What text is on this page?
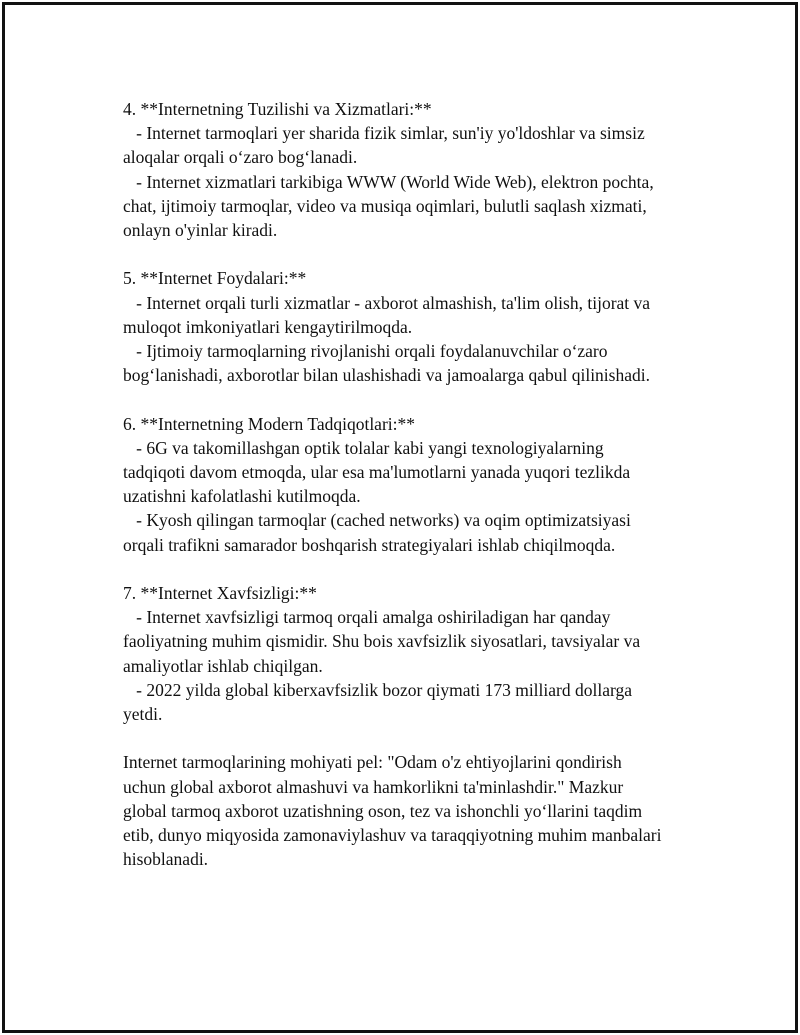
4. **Internetning Tuzilishi va Xizmatlari:**
- Internet tarmoqlari yer sharida fizik simlar, sun'iy yo'ldoshlar va simsiz
aloqalar orqali o‘zaro bog‘lanadi.
- Internet xizmatlari tarkibiga WWW (World Wide Web), elektron pochta,
chat, ijtimoiy tarmoqlar, video va musiqa oqimlari, bulutli saqlash xizmati,
onlayn o'yinlar kiradi.
5. **Internet Foydalari:**
- Internet orqali turli xizmatlar - axborot almashish, ta'lim olish, tijorat va
muloqot imkoniyatlari kengaytirilmoqda.
- Ijtimoiy tarmoqlarning rivojlanishi orqali foydalanuvchilar o‘zaro
bog‘lanishadi, axborotlar bilan ulashishadi va jamoalarga qabul qilinishadi.
6. **Internetning Modern Tadqiqotlari:**
- 6G va takomillashgan optik tolalar kabi yangi texnologiyalarning
tadqiqoti davom etmoqda, ular esa ma'lumotlarni yanada yuqori tezlikda
uzatishni kafolatlashi kutilmoqda.
- Kyosh qilingan tarmoqlar (cached networks) va oqim optimizatsiyasi
orqali trafikni samarador boshqarish strategiyalari ishlab chiqilmoqda.
7. **Internet Xavfsizligi:**
- Internet xavfsizligi tarmoq orqali amalga oshiriladigan har qanday
faoliyatning muhim qismidir. Shu bois xavfsizlik siyosatlari, tavsiyalar va
amaliyotlar ishlab chiqilgan.
- 2022 yilda global kiberxavfsizlik bozor qiymati 173 milliard dollarga
yetdi.
Internet tarmoqlarining mohiyati pel: "Odam o'z ehtiyojlarini qondirish
uchun global axborot almashuvi va hamkorlikni ta'minlashdir." Mazkur
global tarmoq axborot uzatishning oson, tez va ishonchli yo‘llarini taqdim
etib, dunyo miqyosida zamonaviylashuv va taraqqiyotning muhim manbalari
hisoblanadi.
